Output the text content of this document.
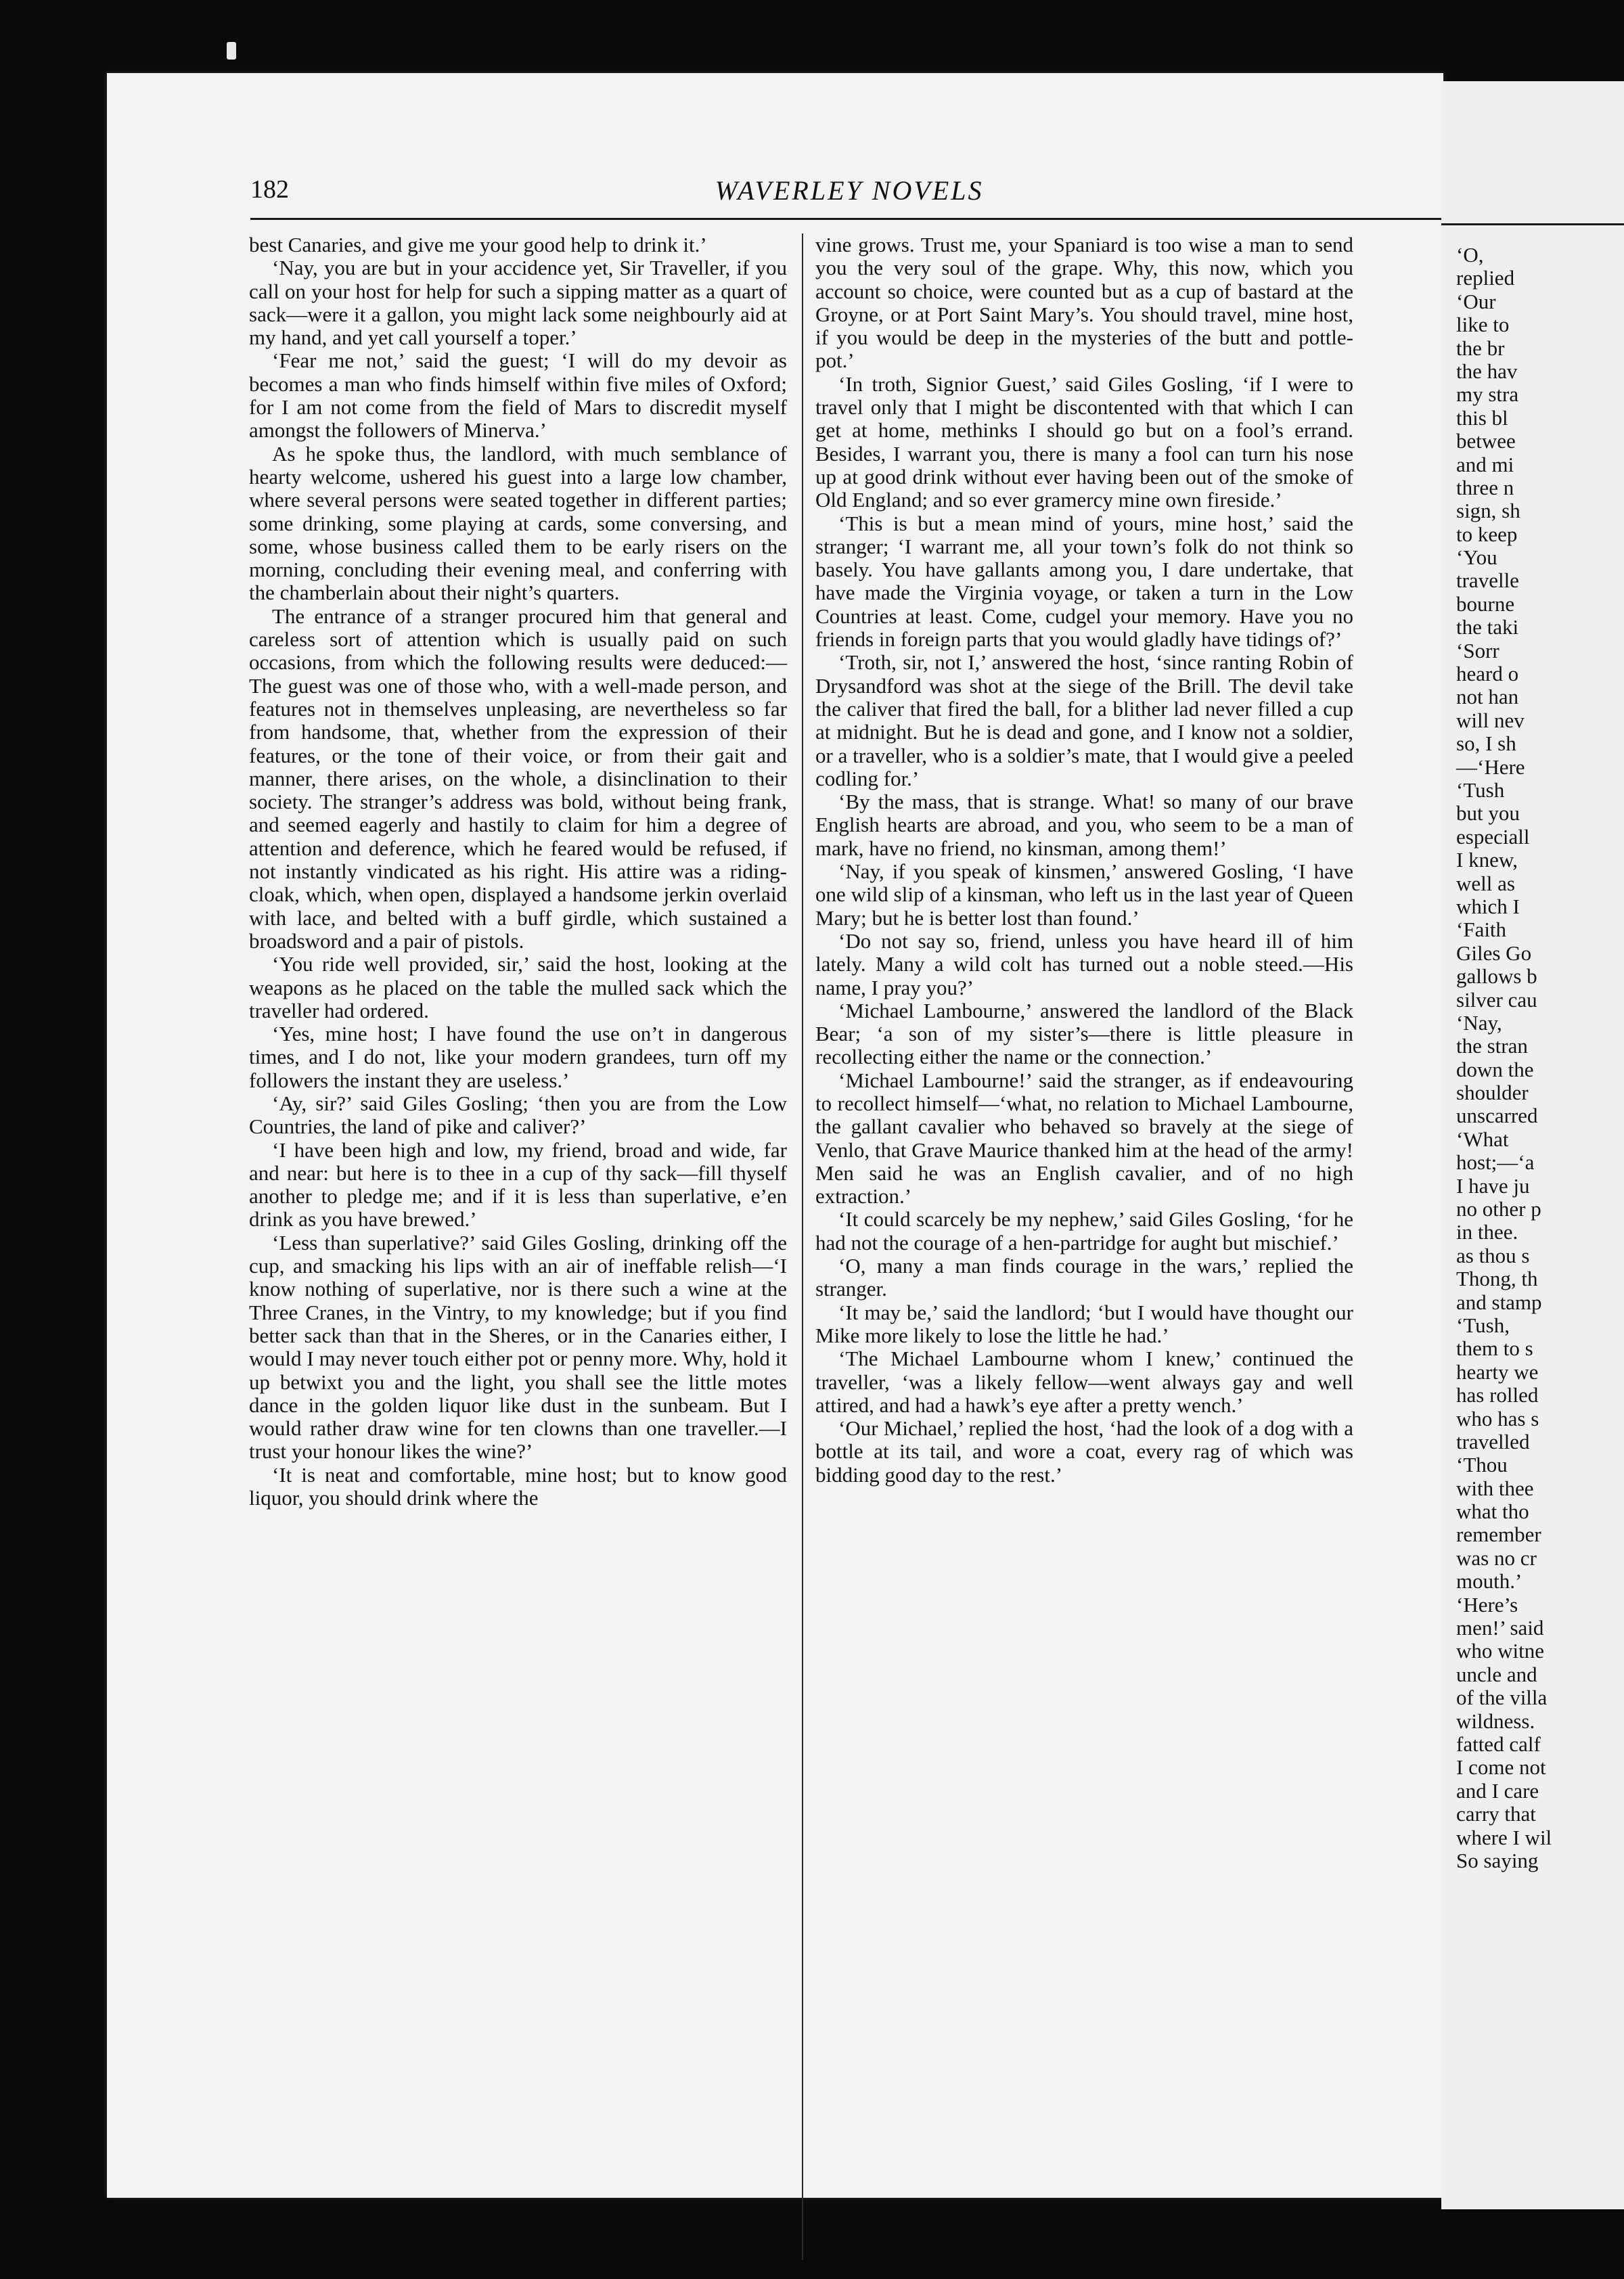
182	WAVERLEY NOVELS

best Canaries, and give me your good help to drink it.’

‘Nay, you are but in your accidence yet, Sir Traveller, if you call on your host for help for such a sipping matter as a quart of sack—were it a gallon, you might lack some neighbourly aid at my hand, and yet call yourself a toper.’

‘Fear me not,’ said the guest; ‘I will do my devoir as becomes a man who finds himself within five miles of Oxford; for I am not come from the field of Mars to discredit myself amongst the followers of Minerva.’

As he spoke thus, the landlord, with much semblance of hearty welcome, ushered his guest into a large low chamber, where several persons were seated together in different parties; some drinking, some playing at cards, some conversing, and some, whose business called them to be early risers on the morning, concluding their evening meal, and conferring with the chamberlain about their night’s quarters.

The entrance of a stranger procured him that general and careless sort of attention which is usually paid on such occasions, from which the following results were deduced:—The guest was one of those who, with a well-made person, and features not in themselves unpleasing, are nevertheless so far from handsome, that, whether from the expression of their features, or the tone of their voice, or from their gait and manner, there arises, on the whole, a disinclination to their society. The stranger’s address was bold, without being frank, and seemed eagerly and hastily to claim for him a degree of attention and deference, which he feared would be refused, if not instantly vindicated as his right. His attire was a riding-cloak, which, when open, displayed a handsome jerkin overlaid with lace, and belted with a buff girdle, which sustained a broadsword and a pair of pistols.

‘You ride well provided, sir,’ said the host, looking at the weapons as he placed on the table the mulled sack which the traveller had ordered.

‘Yes, mine host; I have found the use on’t in dangerous times, and I do not, like your modern grandees, turn off my followers the instant they are useless.’

‘Ay, sir?’ said Giles Gosling; ‘then you are from the Low Countries, the land of pike and caliver?’

‘I have been high and low, my friend, broad and wide, far and near: but here is to thee in a cup of thy sack—fill thyself another to pledge me; and if it is less than superlative, e’en drink as you have brewed.’

‘Less than superlative?’ said Giles Gosling, drinking off the cup, and smacking his lips with an air of ineffable relish—‘I know nothing of superlative, nor is there such a wine at the Three Cranes, in the Vintry, to my knowledge; but if you find better sack than that in the Sheres, or in the Canaries either, I would I may never touch either pot or penny more. Why, hold it up betwixt you and the light, you shall see the little motes dance in the golden liquor like dust in the sunbeam. But I would rather draw wine for ten clowns than one traveller.—I trust your honour likes the wine?’

‘It is neat and comfortable, mine host; but to know good liquor, you should drink where the

vine grows. Trust me, your Spaniard is too wise a man to send you the very soul of the grape. Why, this now, which you account so choice, were counted but as a cup of bastard at the Groyne, or at Port Saint Mary’s. You should travel, mine host, if you would be deep in the mysteries of the butt and pottle-pot.’

‘In troth, Signior Guest,’ said Giles Gosling, ‘if I were to travel only that I might be discontented with that which I can get at home, methinks I should go but on a fool’s errand. Besides, I warrant you, there is many a fool can turn his nose up at good drink without ever having been out of the smoke of Old England; and so ever gramercy mine own fireside.’

‘This is but a mean mind of yours, mine host,’ said the stranger; ‘I warrant me, all your town’s folk do not think so basely. You have gallants among you, I dare undertake, that have made the Virginia voyage, or taken a turn in the Low Countries at least. Come, cudgel your memory. Have you no friends in foreign parts that you would gladly have tidings of?’

‘Troth, sir, not I,’ answered the host, ‘since ranting Robin of Drysandford was shot at the siege of the Brill. The devil take the caliver that fired the ball, for a blither lad never filled a cup at midnight. But he is dead and gone, and I know not a soldier, or a traveller, who is a soldier’s mate, that I would give a peeled codling for.’

‘By the mass, that is strange. What! so many of our brave English hearts are abroad, and you, who seem to be a man of mark, have no friend, no kinsman, among them!’

‘Nay, if you speak of kinsmen,’ answered Gosling, ‘I have one wild slip of a kinsman, who left us in the last year of Queen Mary; but he is better lost than found.’

‘Do not say so, friend, unless you have heard ill of him lately. Many a wild colt has turned out a noble steed.—His name, I pray you?’

‘Michael Lambourne,’ answered the landlord of the Black Bear; ‘a son of my sister’s—there is little pleasure in recollecting either the name or the connection.’

‘Michael Lambourne!’ said the stranger, as if endeavouring to recollect himself—‘what, no relation to Michael Lambourne, the gallant cavalier who behaved so bravely at the siege of Venlo, that Grave Maurice thanked him at the head of the army! Men said he was an English cavalier, and of no high extraction.’

‘It could scarcely be my nephew,’ said Giles Gosling, ‘for he had not the courage of a hen-partridge for aught but mischief.’

‘O, many a man finds courage in the wars,’ replied the stranger.

‘It may be,’ said the landlord; ‘but I would have thought our Mike more likely to lose the little he had.’

‘The Michael Lambourne whom I knew,’ continued the traveller, ‘was a likely fellow—went always gay and well attired, and had a hawk’s eye after a pretty wench.’

‘Our Michael,’ replied the host, ‘had the look of a dog with a bottle at its tail, and wore a coat, every rag of which was bidding good day to the rest.’

‘O,
replied
‘Our
like to
the br
the hav
my stra
this bl
betwee
and mi
three n
sign, sh
to keep
‘You
travelle
bourne
the taki
‘Sorr
heard o
not han
will nev
so, I sh
—‘Here
‘Tush
but you
especiall
I knew,
well as
which I
‘Faith
Giles Go
gallows b
silver cau
‘Nay,
the stran
down the
shoulder
unscarred
‘What
host;—‘a
I have ju
no other p
in thee.
as thou s
Thong, th
and stamp
‘Tush,
them to s
hearty we
has rolled
who has s
travelled
‘Thou
with thee
what tho
remember
was no cr
mouth.’
‘Here’s
men!’ said
who witne
uncle and
of the villa
wildness.
fatted calf
I come not
and I care
carry that
where I wil
So saying
